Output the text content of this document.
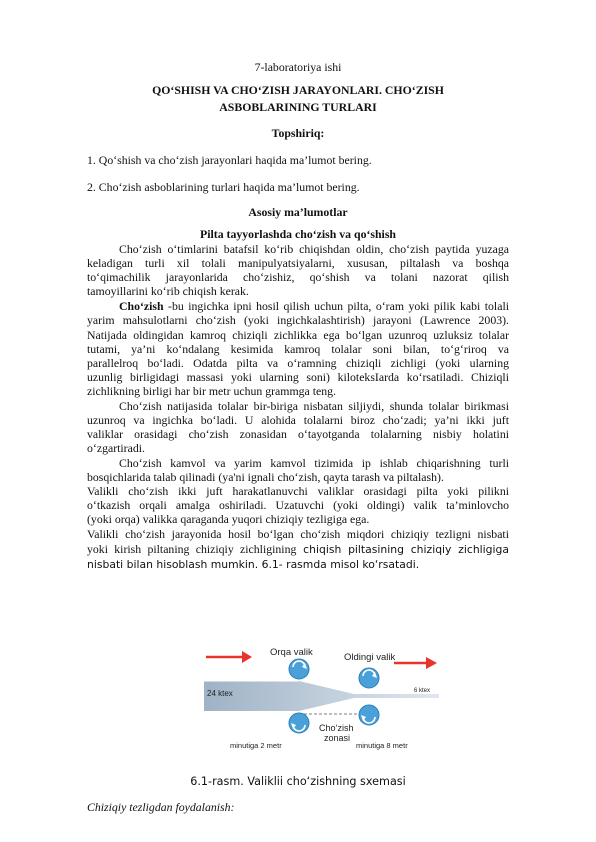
7-laboratoriya ishi
QO‘SHISH VA CHO‘ZISH JARAYONLARI. CHO‘ZISH
ASBOBLARINING TURLARI
Topshiriq:
1. Qo‘shish va cho‘zish jarayonlari haqida ma’lumot bering.
2. Cho‘zish asboblarining turlari haqida ma’lumot bering.
Asosiy ma’lumotlar
Pilta tayyorlashda cho‘zish va qo‘shish
Cho‘zish o‘timlarini batafsil ko‘rib chiqishdan oldin, cho‘zish paytida yuzaga
keladigan turli xil tolali manipulyatsiyalarni, xususan, piltalash va boshqa
to‘qimachilik jarayonlarida cho‘zishiz, qo‘shish va tolani nazorat qilish
tamoyillarini ko‘rib chiqish kerak.
Cho‘zish -bu ingichka ipni hosil qilish uchun pilta, o‘ram yoki pilik kabi tolali
yarim mahsulotlarni cho‘zish (yoki ingichkalashtirish) jarayoni (Lawrence 2003).
Natijada oldingidan kamroq chiziqli zichlikka ega bo‘lgan uzunroq uzluksiz tolalar
tutami, ya’ni ko‘ndalang kesimida kamroq tolalar soni bilan, to‘g‘riroq va
parallelroq bo‘ladi. Odatda pilta va o‘ramning chiziqli zichligi (yoki ularning
uzunlig birligidagi massasi yoki ularning soni) kiloteksIarda ko‘rsatiladi. Chiziqli
zichlikning birligi har bir metr uchun grammga teng.
Cho‘zish natijasida tolalar bir-biriga nisbatan siljiydi, shunda tolalar birikmasi
uzunroq va ingichka bo‘ladi. U alohida tolalarni biroz cho‘zadi; ya’ni ikki juft
valiklar orasidagi cho‘zish zonasidan o‘tayotganda tolalarning nisbiy holatini
o‘zgartiradi.
Cho‘zish kamvol va yarim kamvol tizimida ip ishlab chiqarishning turli
bosqichlarida talab qilinadi (ya'ni ignali cho‘zish, qayta tarash va piltalash).
Valikli cho‘zish ikki juft harakatlanuvchi valiklar orasidagi pilta yoki pilikni
o‘tkazish orqali amalga oshiriladi. Uzatuvchi (yoki oldingi) valik ta’minlovcho
(yoki orqa) valikka qaraganda yuqori chiziqiy tezligiga ega.
Valikli cho‘zish jarayonida hosil bo‘lgan cho‘zish miqdori chiziqiy tezligni nisbati
yoki kirish piltaning chiziqiy zichligining chiqish piltasining chiziqiy zichligiga
nisbati bilan hisoblash mumkin. 6.1- rasmda misol ko‘rsatadi.
Orqa valik	Oldingi valik
24 ktex	6 ktex
Cho‘zish
zonasi
minutiga 2 metr	minutiga 8 metr
6.1-rasm. Valiklii cho‘zishning sxemasi
Chiziqiy tezligdan foydalanish:
